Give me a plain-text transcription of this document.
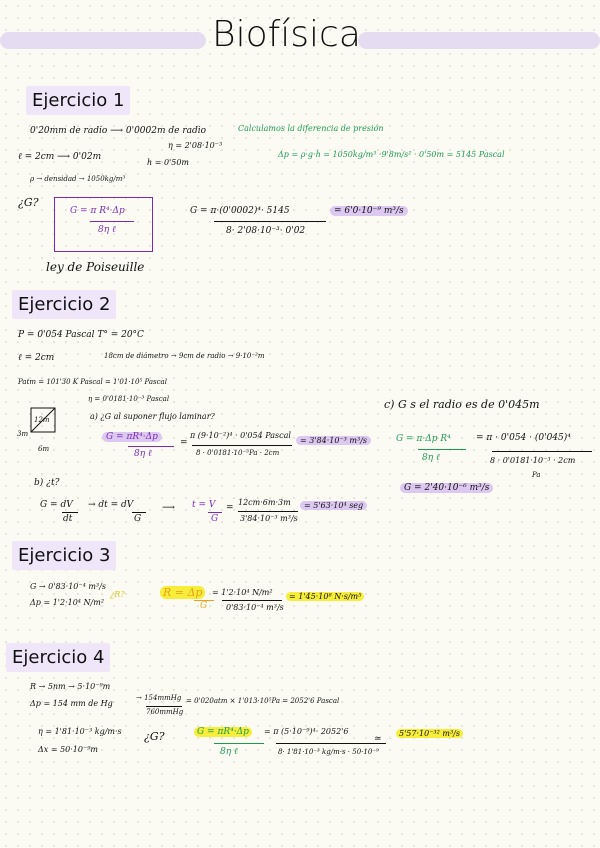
Biofísica
Ejercicio 1
0'20mm de radio ⟶ 0'0002m de radio	Calculamos la diferencia de presión
η = 2'08·10⁻³
ℓ = 2cm ⟶ 0'02m
h = 0'50m
Δp = ρ·g·h = 1050kg/m³ ·9'8m/s² · 0'50m = 5145 Pascal
ρ → densidad → 1050kg/m³
¿G?
G = π R⁴·Δp
8η ℓ
G = π·(0'0002)⁴· 5145
8· 2'08·10⁻³· 0'02
= 6'0·10⁻⁹ m³/s
ley de Poiseuille
Ejercicio 2
P = 0'054 Pascal T° = 20°C
ℓ = 2cm	18cm de diámetro → 9cm de radio → 9·10⁻²m
Patm = 101'30 K Pascal = 1'01·10⁵ Pascal
η = 0'0181·10⁻³ Pascal	c) G s el radio es de 0'045m
12m
3m
6m
a) ¿G al suponer flujo laminar?
G = πR⁴·Δp
8η ℓ
=
π (9·10⁻²)⁴ · 0'054 Pascal
8 · 0'0181·10⁻³Pa · 2cm
= 3'84·10⁻³ m³/s
b) ¿t?
G = dV
dt
→ dt = dV
G
⟶ t = V
G
=
12cm·6m·3m
3'84·10⁻³ m³/s
= 5'63·10⁴ seg
G = π·Δp R⁴
8η ℓ
= π · 0'054 · (0'045)⁴
8 · 0'0181·10⁻³ · 2cm
Pa
G = 2'40·10⁻⁶ m³/s
Ejercicio 3
G → 0'83·10⁻⁴ m³/s
Δp = 1'2·10⁴ N/m²
¿R?	R = Δp
G
= 1'2·10⁴ N/m²
0'83·10⁻⁴ m³/s
= 1'45·10⁸ N·s/m⁵
Ejercicio 4
R → 5nm → 5·10⁻⁹m
Δp = 154 mm de Hg
→ 154mmHg
760mmHg
= 0'020atm × 1'013·10⁵Pa = 2052'6 Pascal
η = 1'81·10⁻³ kg/m·s
Δx = 50·10⁻⁹m
¿G?	G = πR⁴·Δp
8η ℓ
= π (5·10⁻⁹)⁴· 2052'6
8· 1'81·10⁻³ kg/m·s · 50·10⁻⁹
≃
5'57·10⁻³² m³/s
